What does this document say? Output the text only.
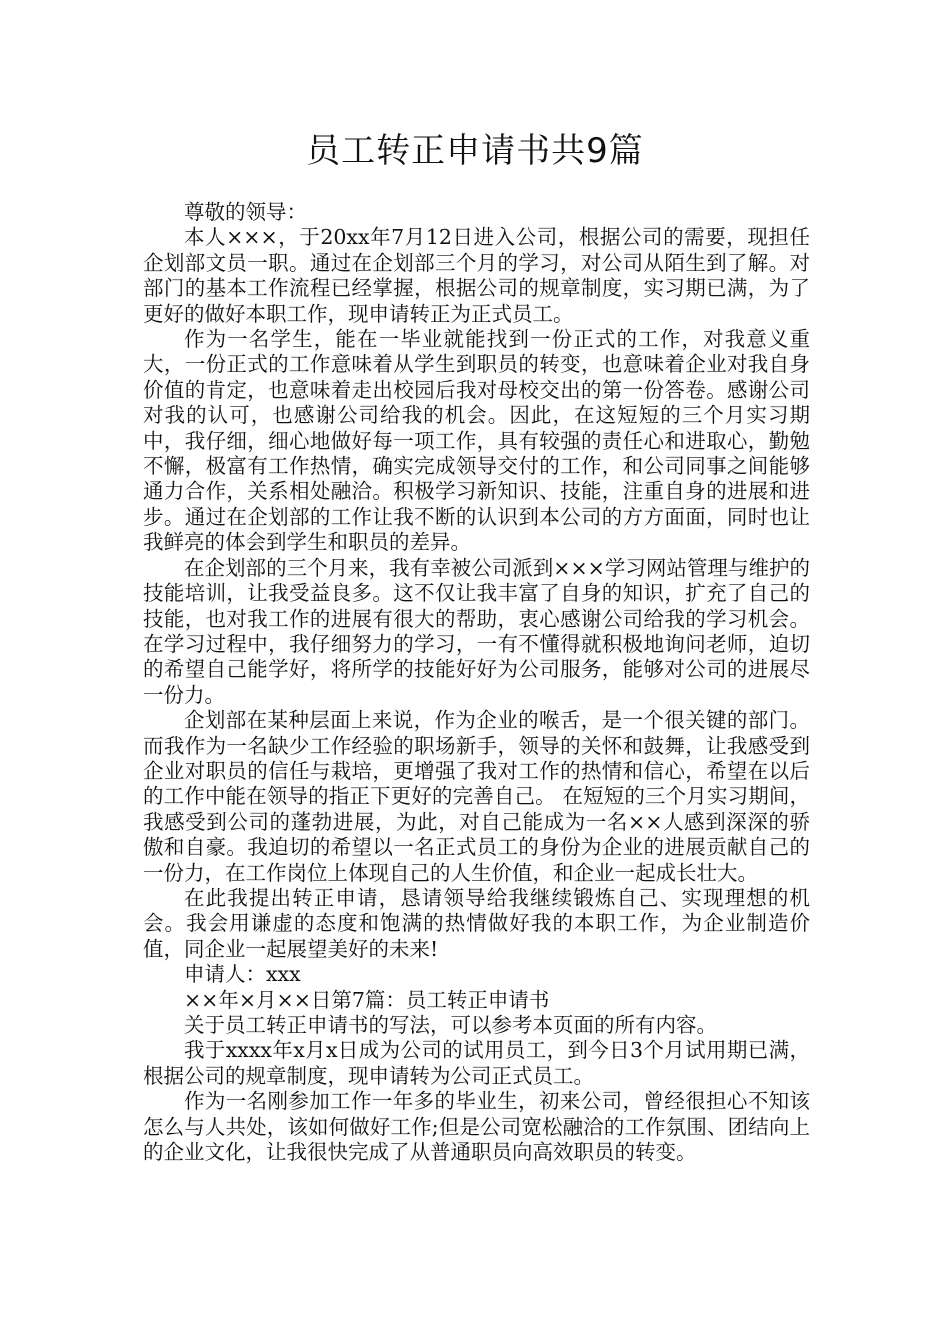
员工转正申请书共9篇

尊敬的领导：

本人×××，于20xx年7月12日进入公司，根据公司的需要，现担任企划部文员一职。通过在企划部三个月的学习，对公司从陌生到了解。对部门的基本工作流程已经掌握，根据公司的规章制度，实习期已满，为了更好的做好本职工作，现申请转正为正式员工。

作为一名学生，能在一毕业就能找到一份正式的工作，对我意义重大，一份正式的工作意味着从学生到职员的转变，也意味着企业对我自身价值的肯定，也意味着走出校园后我对母校交出的第一份答卷。感谢公司对我的认可，也感谢公司给我的机会。因此，在这短短的三个月实习期中，我仔细，细心地做好每一项工作，具有较强的责任心和进取心，勤勉不懈，极富有工作热情，确实完成领导交付的工作，和公司同事之间能够通力合作，关系相处融洽。积极学习新知识、技能，注重自身的进展和进步。通过在企划部的工作让我不断的认识到本公司的方方面面，同时也让我鲜亮的体会到学生和职员的差异。

在企划部的三个月来，我有幸被公司派到×××学习网站管理与维护的技能培训，让我受益良多。这不仅让我丰富了自身的知识，扩充了自己的技能，也对我工作的进展有很大的帮助，衷心感谢公司给我的学习机会。在学习过程中，我仔细努力的学习，一有不懂得就积极地询问老师，迫切的希望自己能学好，将所学的技能好好为公司服务，能够对公司的进展尽一份力。

企划部在某种层面上来说，作为企业的喉舌，是一个很关键的部门。而我作为一名缺少工作经验的职场新手，领导的关怀和鼓舞，让我感受到企业对职员的信任与栽培，更增强了我对工作的热情和信心，希望在以后的工作中能在领导的指正下更好的完善自己。 在短短的三个月实习期间，我感受到公司的蓬勃进展，为此，对自己能成为一名××人感到深深的骄傲和自豪。我迫切的希望以一名正式员工的身份为企业的进展贡献自己的一份力，在工作岗位上体现自己的人生价值，和企业一起成长壮大。

在此我提出转正申请，恳请领导给我继续锻炼自己、实现理想的机会。我会用谦虚的态度和饱满的热情做好我的本职工作，为企业制造价值，同企业一起展望美好的未来!

申请人：xxx

××年×月××日第7篇：员工转正申请书

关于员工转正申请书的写法，可以参考本页面的所有内容。

我于xxxx年x月x日成为公司的试用员工，到今日3个月试用期已满，根据公司的规章制度，现申请转为公司正式员工。

作为一名刚参加工作一年多的毕业生，初来公司，曾经很担心不知该怎么与人共处，该如何做好工作;但是公司宽松融洽的工作氛围、团结向上的企业文化，让我很快完成了从普通职员向高效职员的转变。
